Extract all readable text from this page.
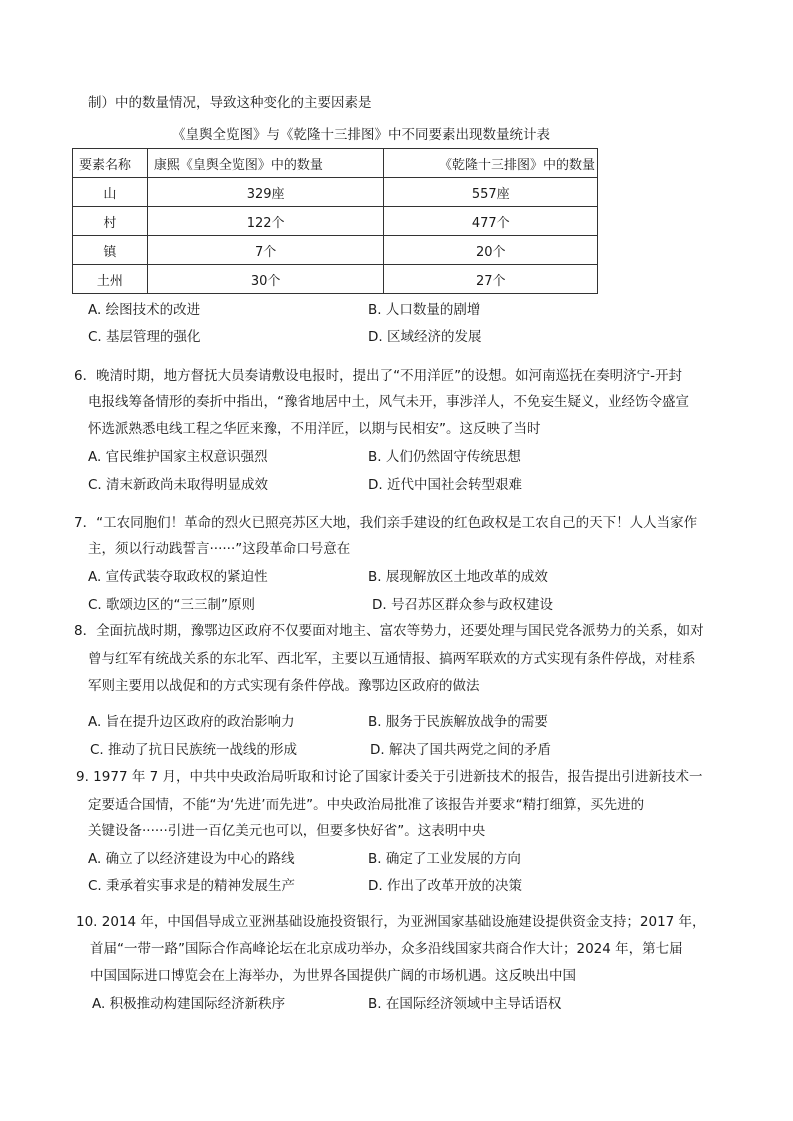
制）中的数量情况，导致这种变化的主要因素是
《皇舆全览图》与《乾隆十三排图》中不同要素出现数量统计表
要素名称	康熙《皇舆全览图》中的数量	《乾隆十三排图》中的数量
山	329座	557座
村	122个	477个
镇	7个	20个
土州	30个	27个
A. 绘图技术的改进	B. 人口数量的剧增
C. 基层管理的强化	D. 区域经济的发展
6．晚清时期，地方督抚大员奏请敷设电报时，提出了“不用洋匠”的设想。如河南巡抚在奏明济宁-开封
电报线筹备情形的奏折中指出，“豫省地居中土，风气未开，事涉洋人，不免妄生疑义，业经饬令盛宣
怀选派熟悉电线工程之华匠来豫，不用洋匠，以期与民相安”。这反映了当时
A. 官民维护国家主权意识强烈	B. 人们仍然固守传统思想
C. 清末新政尚未取得明显成效	D. 近代中国社会转型艰难
7．“工农同胞们！革命的烈火已照亮苏区大地，我们亲手建设的红色政权是工农自己的天下！人人当家作
主，须以行动践誓言······”这段革命口号意在
A. 宣传武装夺取政权的紧迫性	B. 展现解放区土地改革的成效
C. 歌颂边区的“三三制”原则	D. 号召苏区群众参与政权建设
8．全面抗战时期，豫鄂边区政府不仅要面对地主、富农等势力，还要处理与国民党各派势力的关系，如对
曾与红军有统战关系的东北军、西北军，主要以互通情报、搞两军联欢的方式实现有条件停战，对桂系
军则主要用以战促和的方式实现有条件停战。豫鄂边区政府的做法
A. 旨在提升边区政府的政治影响力	B. 服务于民族解放战争的需要
C. 推动了抗日民族统一战线的形成	D. 解决了国共两党之间的矛盾
9. 1977 年 7 月，中共中央政治局听取和讨论了国家计委关于引进新技术的报告，报告提出引进新技术一
定要适合国情，不能“为‘先进’而先进”。中央政治局批准了该报告并要求“精打细算，买先进的
关键设备······引进一百亿美元也可以，但要多快好省”。这表明中央
A. 确立了以经济建设为中心的路线	B. 确定了工业发展的方向
C. 秉承着实事求是的精神发展生产	D. 作出了改革开放的决策
10. 2014 年，中国倡导成立亚洲基础设施投资银行，为亚洲国家基础设施建设提供资金支持；2017 年，
首届“一带一路”国际合作高峰论坛在北京成功举办，众多沿线国家共商合作大计；2024 年，第七届
中国国际进口博览会在上海举办，为世界各国提供广阔的市场机遇。这反映出中国
A. 积极推动构建国际经济新秩序	B. 在国际经济领域中主导话语权
